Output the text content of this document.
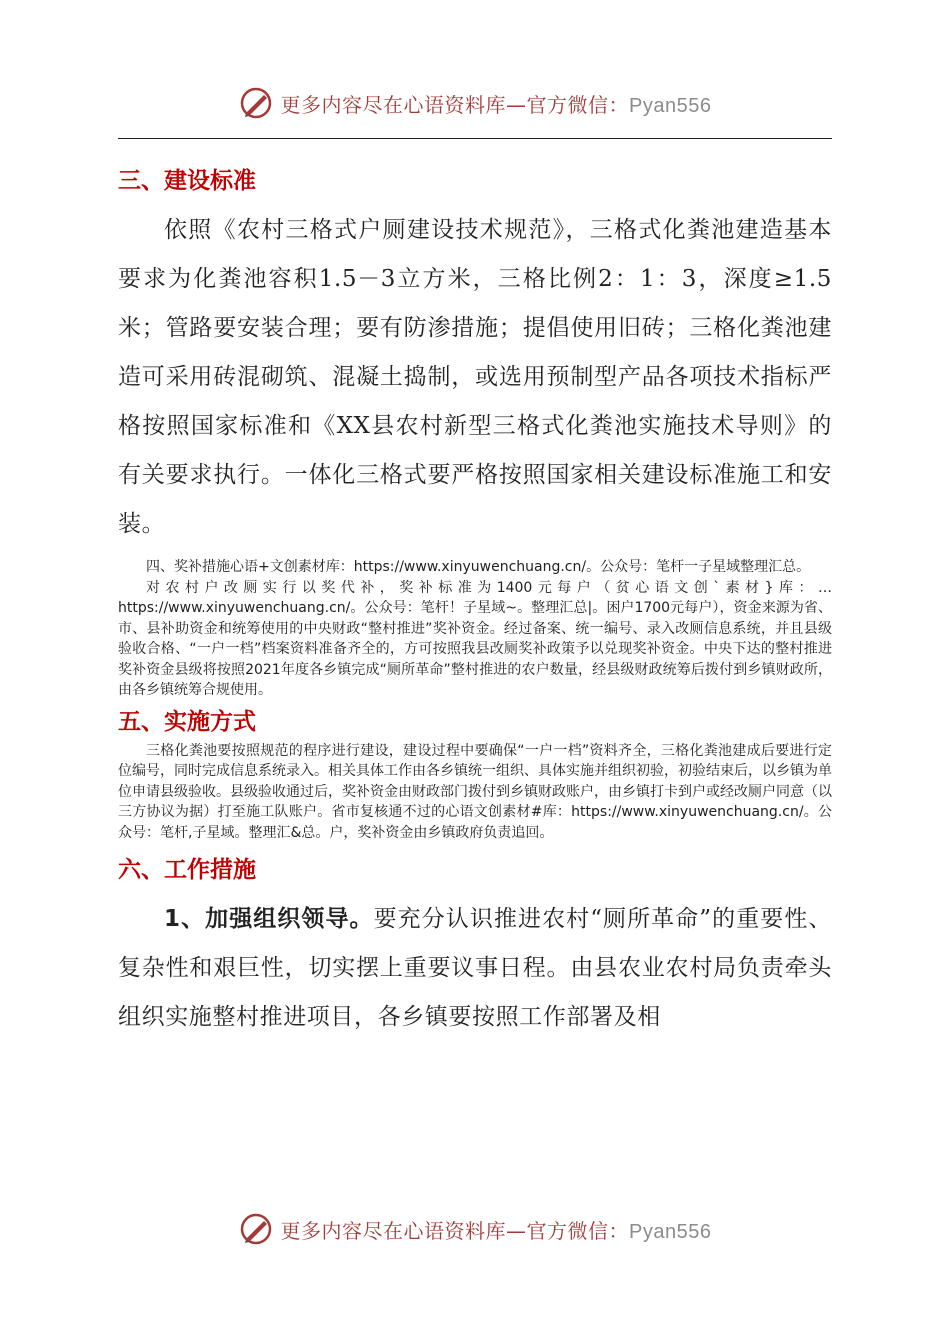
更多内容尽在心语资料库—官方微信：Pyan556
三、建设标准

依照《农村三格式户厕建设技术规范》，三格式化粪池建造基本要求为化粪池容积1.5－3立方米，三格比例2：1：3，深度≥1.5米；管路要安装合理；要有防渗措施；提倡使用旧砖；三格化粪池建造可采用砖混砌筑、混凝土捣制，或选用预制型产品各项技术指标严格按照国家标准和《XX县农村新型三格式化粪池实施技术导则》的有关要求执行。一体化三格式要严格按照国家相关建设标准施工和安装。

四、奖补措施心语+文创素材库：https://www.xinyuwenchuang.cn/。公众号：笔杆一子星域整理汇总。

对农村户改厕实行以奖代补，奖补标准为1400元每户（贫心语文创`素材}库：…https://www.xinyuwenchuang.cn/。公众号：笔杆！子星域~。整理汇总|。困户1700元每户），资金来源为省、市、县补助资金和统筹使用的中央财政“整村推进”奖补资金。经过备案、统一编号、录入改厕信息系统，并且县级验收合格、“一户一档”档案资料准备齐全的，方可按照我县改厕奖补政策予以兑现奖补资金。中央下达的整村推进奖补资金县级将按照2021年度各乡镇完成“厕所革命”整村推进的农户数量，经县级财政统筹后拨付到乡镇财政所，由各乡镇统筹合规使用。

五、实施方式

三格化粪池要按照规范的程序进行建设，建设过程中要确保“一户一档”资料齐全，三格化粪池建成后要进行定位编号，同时完成信息系统录入。相关具体工作由各乡镇统一组织、具体实施并组织初验，初验结束后，以乡镇为单位申请县级验收。县级验收通过后，奖补资金由财政部门拨付到乡镇财政账户，由乡镇打卡到户或经改厕户同意（以三方协议为据）打至施工队账户。省市复核通不过的心语文创素材#库：https://www.xinyuwenchuang.cn/。公众号：笔杆,子星域。整理汇&总。户，奖补资金由乡镇政府负责追回。

六、工作措施

1、加强组织领导。要充分认识推进农村“厕所革命”的重要性、复杂性和艰巨性，切实摆上重要议事日程。由县农业农村局负责牵头组织实施整村推进项目，各乡镇要按照工作部署及相

更多内容尽在心语资料库—官方微信：Pyan556
